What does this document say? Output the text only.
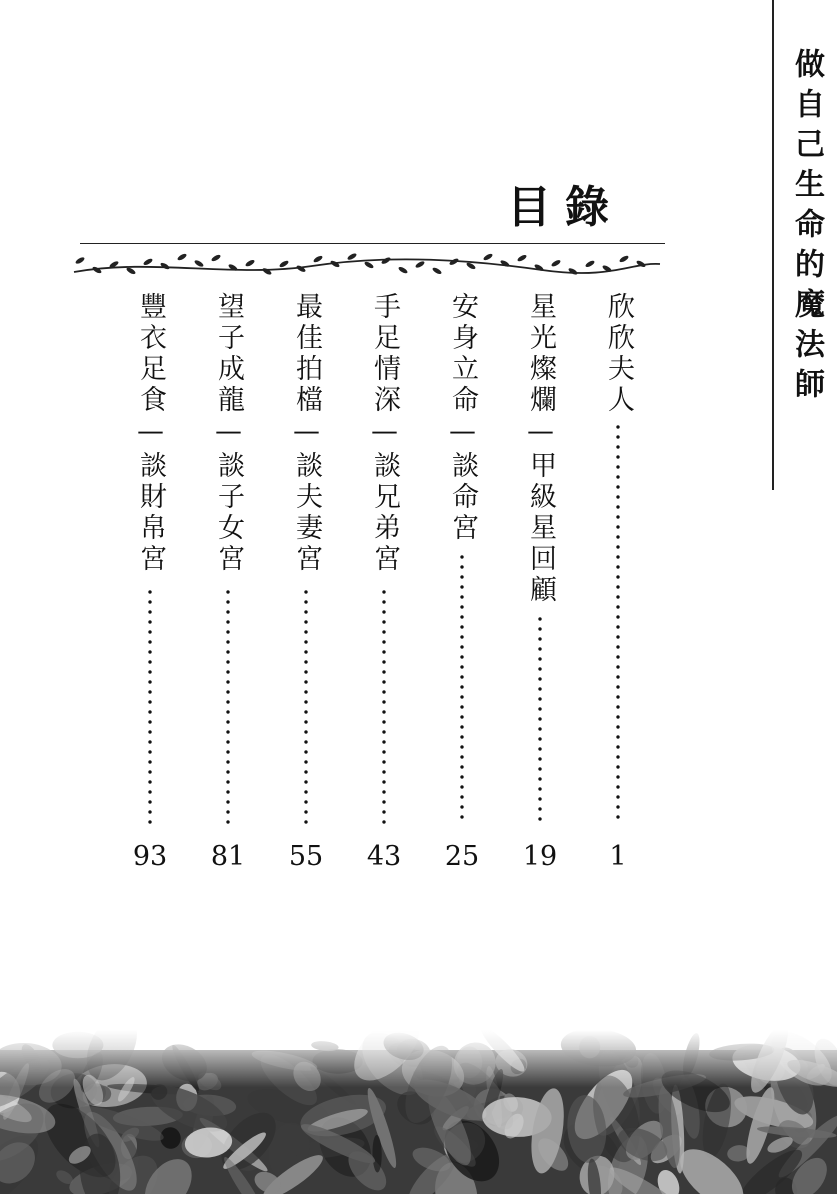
做自己生命的魔法師
目錄
欣欣夫人
1
星光燦爛—甲級星回顧
19
安身立命—談命宮
25
手足情深—談兄弟宮
43
最佳拍檔—談夫妻宮
55
望子成龍—談子女宮
81
豐衣足食—談財帛宮
93
